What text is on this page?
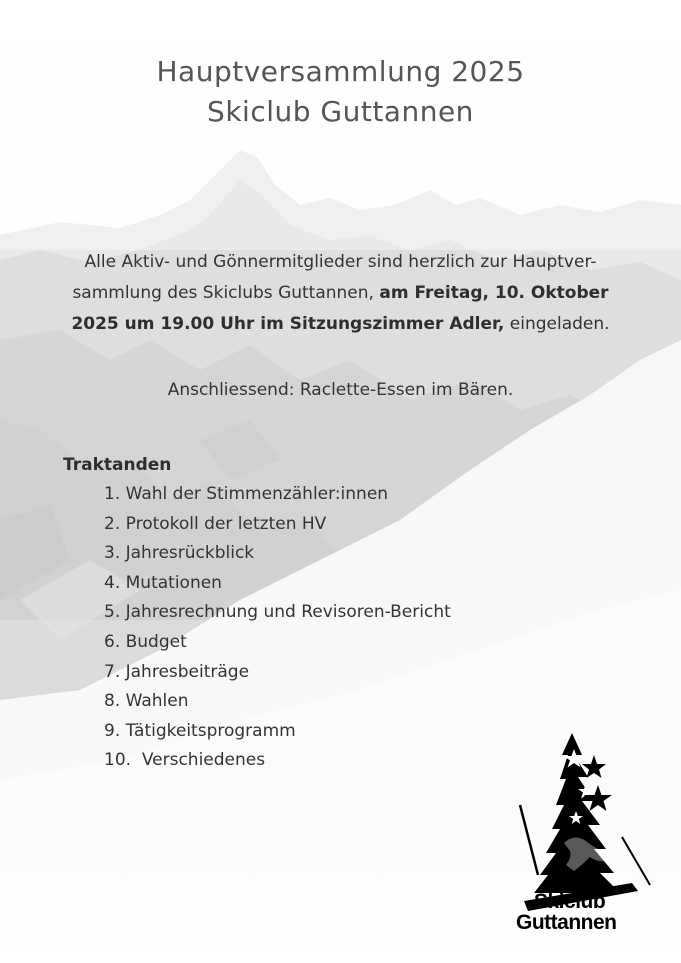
Hauptversammlung 2025
Skiclub Guttannen
Alle Aktiv- und Gönnermitglieder sind herzlich zur Hauptver-sammlung des Skiclubs Guttannen, am Freitag, 10. Oktober 2025 um 19.00 Uhr im Sitzungszimmer Adler, eingeladen.
Anschliessend: Raclette-Essen im Bären.
Traktanden
1. Wahl der Stimmenzähler:innen
2. Protokoll der letzten HV
3. Jahresrückblick
4. Mutationen
5. Jahresrechnung und Revisoren-Bericht
6. Budget
7. Jahresbeiträge
8. Wahlen
9. Tätigkeitsprogramm
10.  Verschiedenes
Skiclub
Guttannen
